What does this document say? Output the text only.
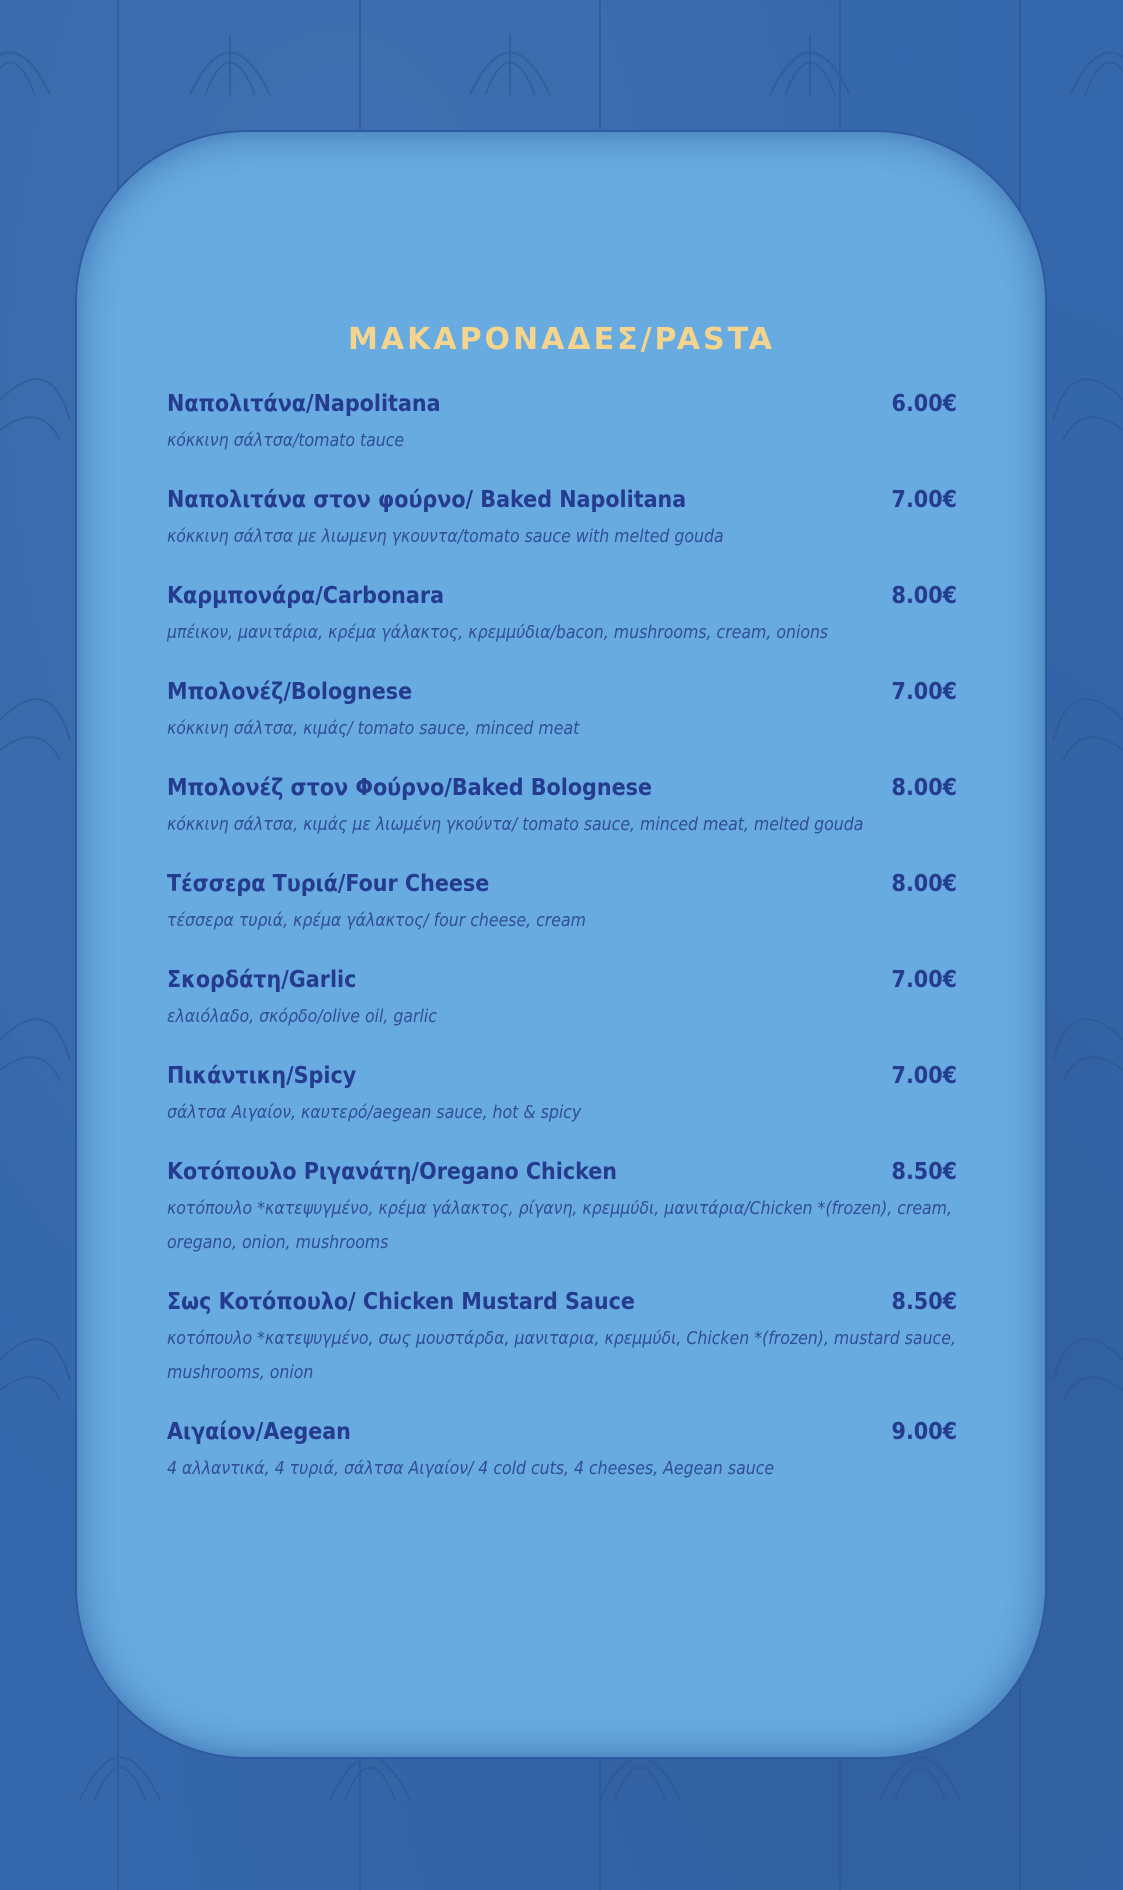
ΜΑΚΑΡΟΝΑΔΕΣ/PASTA
Ναπολιτάνα/Napolitana	6.00€
κόκκινη σάλτσα/tomato tauce
Ναπολιτάνα στον φούρνο/ Baked Napolitana	7.00€
κόκκινη σάλτσα με λιωμενη γκουντα/tomato sauce with melted gouda
Καρμπονάρα/Carbonara	8.00€
μπέικον, μανιτάρια, κρέμα γάλακτος, κρεμμύδια/bacon, mushrooms, cream, onions
Μπολονέζ/Bolognese	7.00€
κόκκινη σάλτσα, κιμάς/ tomato sauce, minced meat
Μπολονέζ στον Φούρνο/Baked Bolognese	8.00€
κόκκινη σάλτσα, κιμάς με λιωμένη γκούντα/ tomato sauce, minced meat, melted gouda
Τέσσερα Τυριά/Four Cheese	8.00€
τέσσερα τυριά, κρέμα γάλακτος/ four cheese, cream
Σκορδάτη/Garlic	7.00€
ελαιόλαδο, σκόρδο/olive oil, garlic
Πικάντικη/Spicy	7.00€
σάλτσα Αιγαίον, καυτερό/aegean sauce, hot & spicy
Κοτόπουλο Ριγανάτη/Oregano Chicken	8.50€
κοτόπουλο *κατεψυγμένο, κρέμα γάλακτος, ρίγανη, κρεμμύδι, μανιτάρια/Chicken *(frozen), cream, oregano, onion, mushrooms
Σως Κοτόπουλο/ Chicken Mustard Sauce	8.50€
κοτόπουλο *κατεψυγμένο, σως μουστάρδα, μανιταρια, κρεμμύδι, Chicken *(frozen), mustard sauce, mushrooms, onion
Αιγαίον/Aegean	9.00€
4 αλλαντικά, 4 τυριά, σάλτσα Αιγαίον/ 4 cold cuts, 4 cheeses, Aegean sauce
